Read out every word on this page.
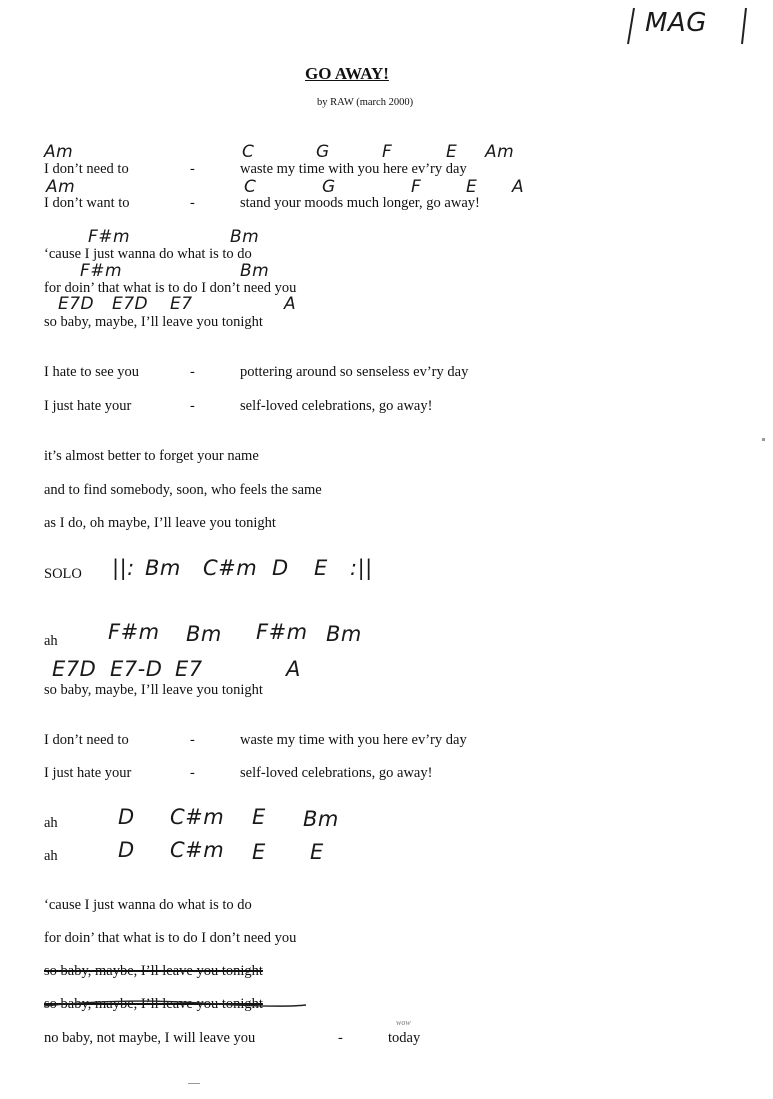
MAG
GO AWAY!
by RAW (march 2000)
Am	C	G	F	E Am
I don’t need to	-	waste my time with you here ev’ry day
Am	C	G	F	E A
I don’t want to	-	stand your moods much longer, go away!
F#m	Bm
‘cause I just wanna do what is to do
F#m	Bm
for doin’ that what is to do I don’t need you
E7D E7D E7	A
so baby, maybe, I’ll leave you tonight
I hate to see you	-	pottering around so senseless ev’ry day
I just hate your	-	self-loved celebrations, go away!
it’s almost better to forget your name
and to find somebody, soon, who feels the same
as I do, oh maybe, I’ll leave you tonight
SOLO ||: Bm C#m D E :||
ah F#m Bm F#m Bm
E7D E7-D E7	A
so baby, maybe, I’ll leave you tonight
I don’t need to	-	waste my time with you here ev’ry day
I just hate your	-	self-loved celebrations, go away!
ah	D C#m E Bm
ah	D C#m E E
‘cause I just wanna do what is to do
for doin’ that what is to do I don’t need you
so baby, maybe, I’ll leave you tonight
so baby, maybe, I’ll leave you tonight
no baby, not maybe, I will leave you	-	today
wow
